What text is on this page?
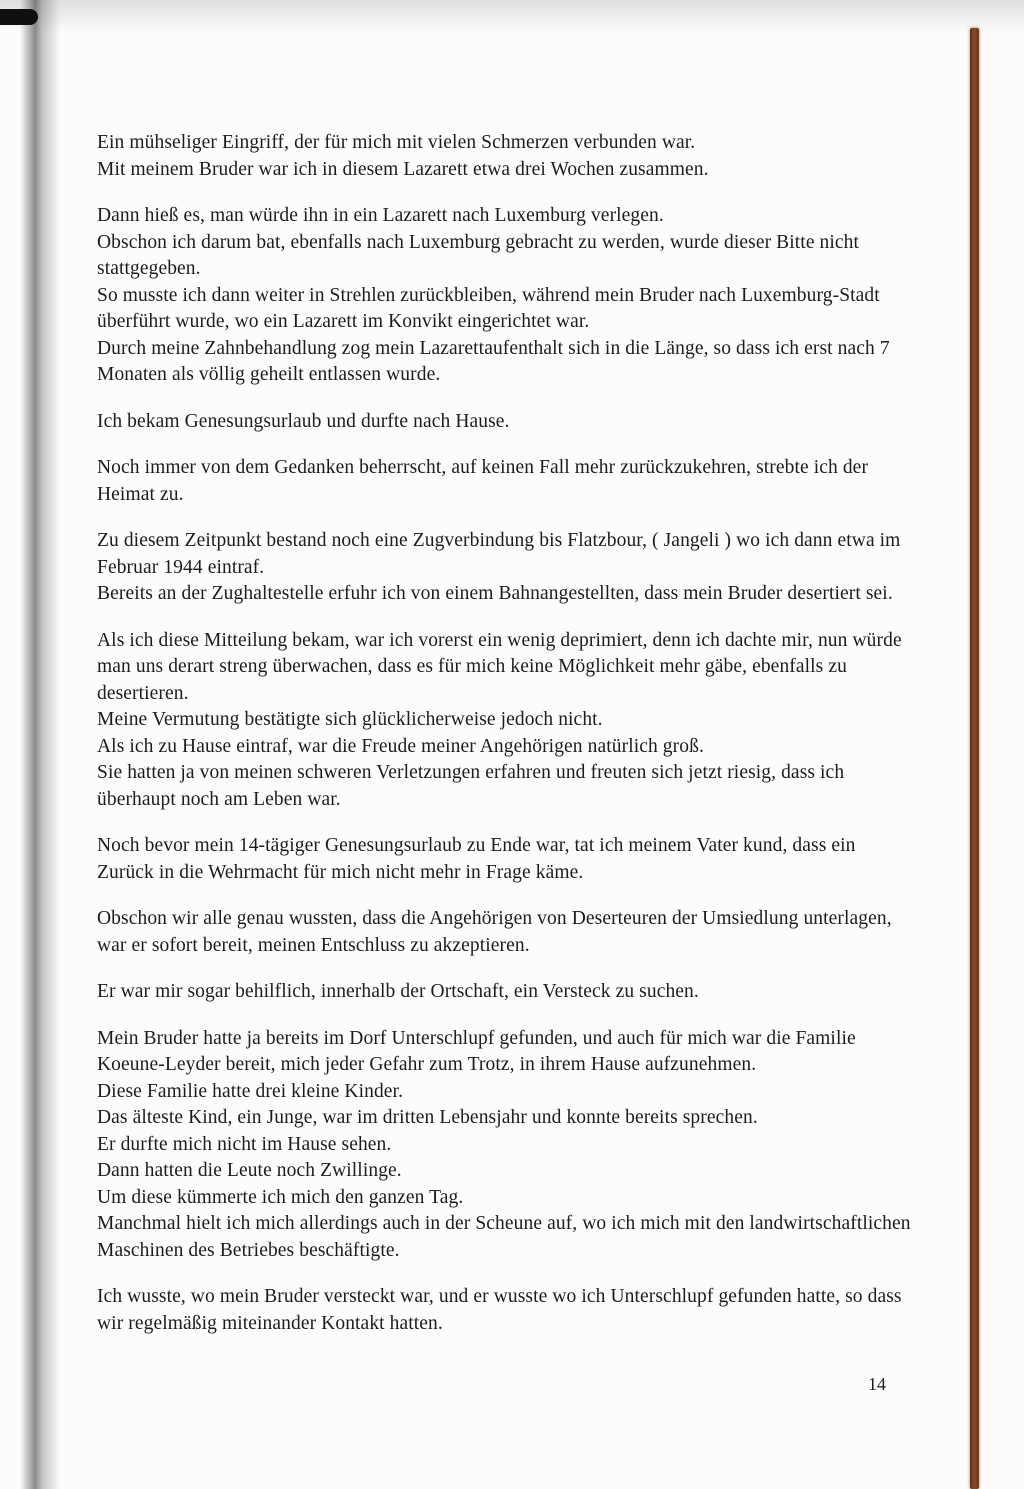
Ein mühseliger Eingriff, der für mich mit vielen Schmerzen verbunden war.
Mit meinem Bruder war ich in diesem Lazarett etwa drei Wochen zusammen.

Dann hieß es, man würde ihn in ein Lazarett nach Luxemburg verlegen.
Obschon ich darum bat, ebenfalls nach Luxemburg gebracht zu werden, wurde dieser Bitte nicht stattgegeben.
So musste ich dann weiter in Strehlen zurückbleiben, während mein Bruder nach Luxemburg-Stadt überführt wurde, wo ein Lazarett im Konvikt eingerichtet war.
Durch meine Zahnbehandlung zog mein Lazarettaufenthalt sich in die Länge, so dass ich erst nach 7 Monaten als völlig geheilt entlassen wurde.

Ich bekam Genesungsurlaub und durfte nach Hause.

Noch immer von dem Gedanken beherrscht, auf keinen Fall mehr zurückzukehren, strebte ich der Heimat zu.

Zu diesem Zeitpunkt bestand noch eine Zugverbindung bis Flatzbour, ( Jangeli ) wo ich dann etwa im Februar 1944 eintraf.
Bereits an der Zughaltestelle erfuhr ich von einem Bahnangestellten, dass mein Bruder desertiert sei.

Als ich diese Mitteilung bekam, war ich vorerst ein wenig deprimiert, denn ich dachte mir, nun würde man uns derart streng überwachen, dass es für mich keine Möglichkeit mehr gäbe, ebenfalls zu desertieren.
Meine Vermutung bestätigte sich glücklicherweise jedoch nicht.
Als ich zu Hause eintraf, war die Freude meiner Angehörigen natürlich groß.
Sie hatten ja von meinen schweren Verletzungen erfahren und freuten sich jetzt riesig, dass ich überhaupt noch am Leben war.

Noch bevor mein 14-tägiger Genesungsurlaub zu Ende war, tat ich meinem Vater kund, dass ein Zurück in die Wehrmacht für mich nicht mehr in Frage käme.

Obschon wir alle genau wussten, dass die Angehörigen von Deserteuren der Umsiedlung unterlagen, war er sofort bereit, meinen Entschluss zu akzeptieren.

Er war mir sogar behilflich, innerhalb der Ortschaft, ein Versteck zu suchen.

Mein Bruder hatte ja bereits im Dorf Unterschlupf gefunden, und auch für mich war die Familie Koeune-Leyder bereit, mich jeder Gefahr zum Trotz, in ihrem Hause aufzunehmen.
Diese Familie hatte drei kleine Kinder.
Das älteste Kind, ein Junge, war im dritten Lebensjahr und konnte bereits sprechen.
Er durfte mich nicht im Hause sehen.
Dann hatten die Leute noch Zwillinge.
Um diese kümmerte ich mich den ganzen Tag.
Manchmal hielt ich mich allerdings auch in der Scheune auf, wo ich mich mit den landwirtschaftlichen Maschinen des Betriebes beschäftigte.

Ich wusste, wo mein Bruder versteckt war, und er wusste wo ich Unterschlupf gefunden hatte, so dass wir regelmäßig miteinander Kontakt hatten.

14
